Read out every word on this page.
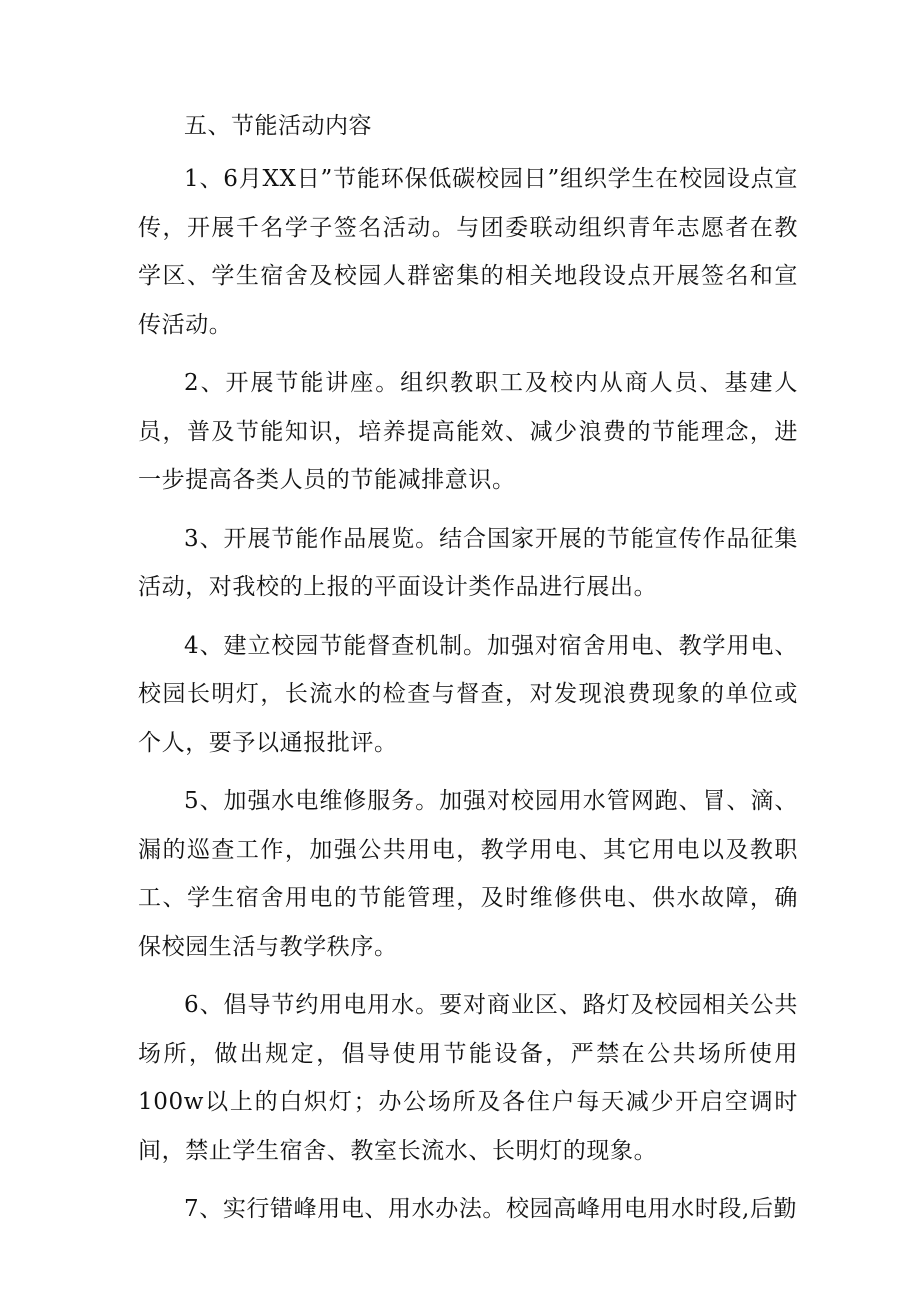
五、节能活动内容

1、6月XX日”节能环保低碳校园日”组织学生在校园设点宣传，开展千名学子签名活动。与团委联动组织青年志愿者在教学区、学生宿舍及校园人群密集的相关地段设点开展签名和宣传活动。

2、开展节能讲座。组织教职工及校内从商人员、基建人员，普及节能知识，培养提高能效、减少浪费的节能理念，进一步提高各类人员的节能减排意识。

3、开展节能作品展览。结合国家开展的节能宣传作品征集活动，对我校的上报的平面设计类作品进行展出。

4、建立校园节能督查机制。加强对宿舍用电、教学用电、校园长明灯，长流水的检查与督查，对发现浪费现象的单位或个人，要予以通报批评。

5、加强水电维修服务。加强对校园用水管网跑、冒、滴、漏的巡查工作，加强公共用电，教学用电、其它用电以及教职工、学生宿舍用电的节能管理，及时维修供电、供水故障，确保校园生活与教学秩序。

6、倡导节约用电用水。要对商业区、路灯及校园相关公共场所，做出规定，倡导使用节能设备，严禁在公共场所使用100w以上的白炽灯；办公场所及各住户每天减少开启空调时间，禁止学生宿舍、教室长流水、长明灯的现象。

7、实行错峰用电、用水办法。校园高峰用电用水时段,后勤
